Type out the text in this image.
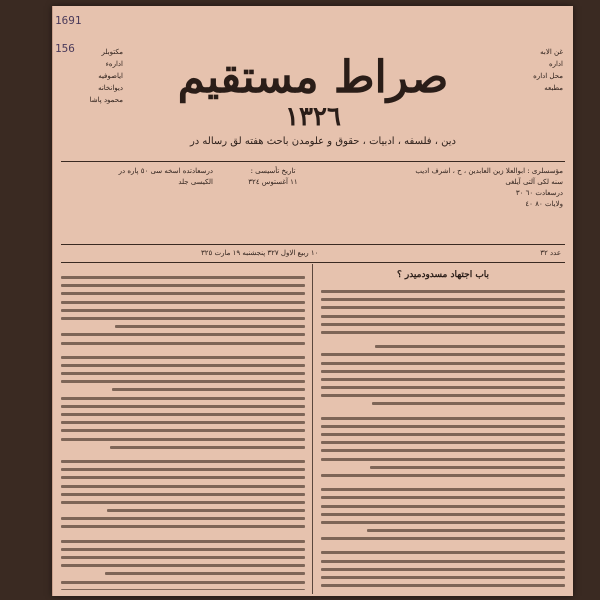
1691
156	مکتوبلر
ادارهء
ایاصوفیه
دیوانخانه
محمود پاشا
غن الابه
اداره
محل اداره
مطبعه
صراط مستقیم
١٣٢٦
دین ، فلسفه ، ادبیات ، حقوق و علومدن باحث هفته لق رساله در
درسعادتده اسخه سی ٥٠ پاره در
الکیسی جلد
تاریخ تأسیسی :
١١ آغستوس ٣٢٤
مؤسسلری : ابوالعلا زین العابدین ، ح ، اشرف ادیب
سنه لکی آلتی آیلغی
درسعادت ٦٠ ٣٠
ولایات ٨٠ ٤٠
عدد ٣٢
١٠ ربیع الاول ٣٢٧ پنجشنبه ١٩ مارت ٣٢٥
باب اجتهاد مسدودمیدر ؟
